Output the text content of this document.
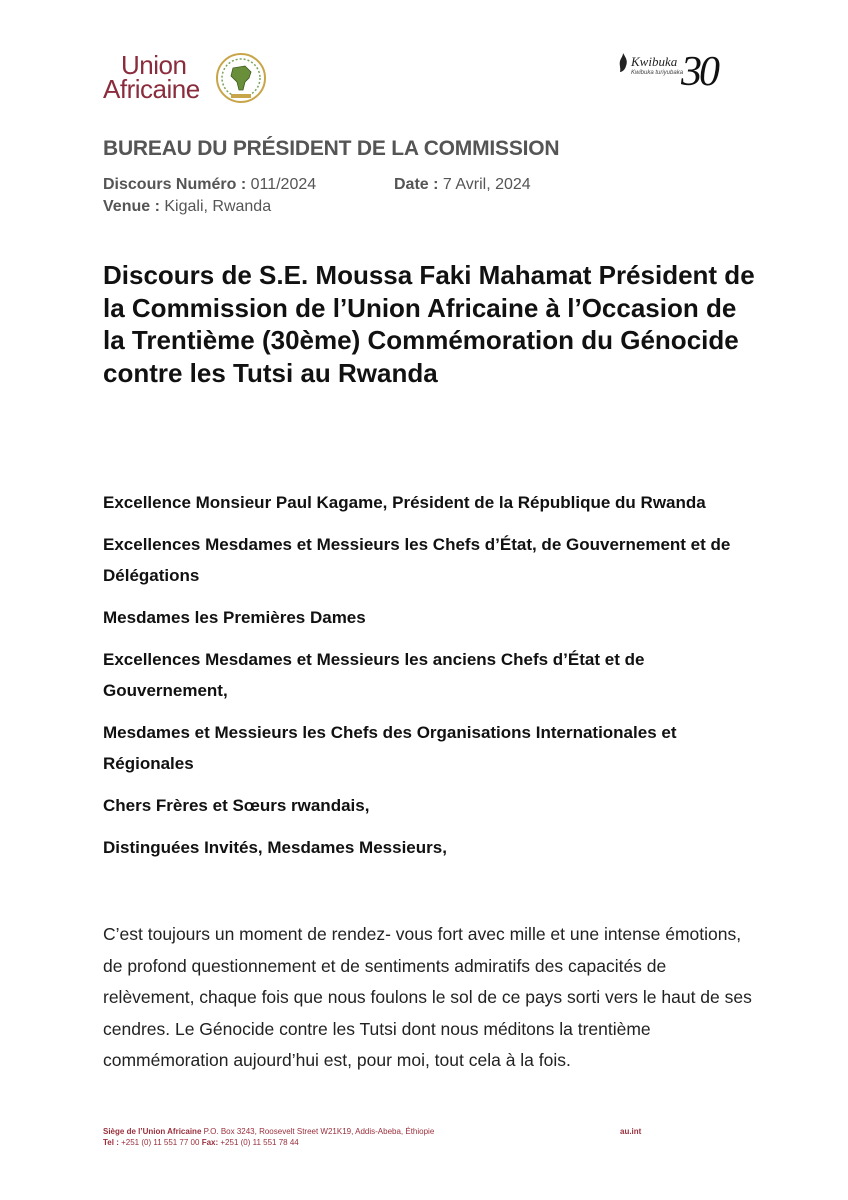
Union
Africaine
Kwibuka
Kwibuka turiyubaka
30
BUREAU DU PRÉSIDENT DE LA COMMISSION
Discours Numéro : 011/2024	Date : 7 Avril, 2024
Venue : Kigali, Rwanda
Discours de S.E. Moussa Faki Mahamat Président de la Commission de l’Union Africaine à l’Occasion de la Trentième (30ème) Commémoration du Génocide contre les Tutsi au Rwanda

Excellence Monsieur Paul Kagame, Président de la République du Rwanda

Excellences Mesdames et Messieurs les Chefs d’État, de Gouvernement et de Délégations

Mesdames les Premières Dames

Excellences Mesdames et Messieurs les anciens Chefs d’État et de Gouvernement,

Mesdames et Messieurs les Chefs des Organisations Internationales et Régionales

Chers Frères et Sœurs rwandais,

Distinguées Invités, Mesdames Messieurs,

C’est toujours un moment de rendez- vous fort avec mille et une intense émotions, de profond questionnement et de sentiments admiratifs des capacités de relèvement, chaque fois que nous foulons le sol de ce pays sorti vers le haut de ses cendres. Le Génocide contre les Tutsi dont nous méditons la trentième commémoration aujourd’hui est, pour moi, tout cela à la fois.

Siège de l’Union Africaine P.O. Box 3243, Roosevelt Street W21K19, Addis-Abeba, Éthiopie
Tel : +251 (0) 11 551 77 00 Fax: +251 (0) 11 551 78 44
au.int
